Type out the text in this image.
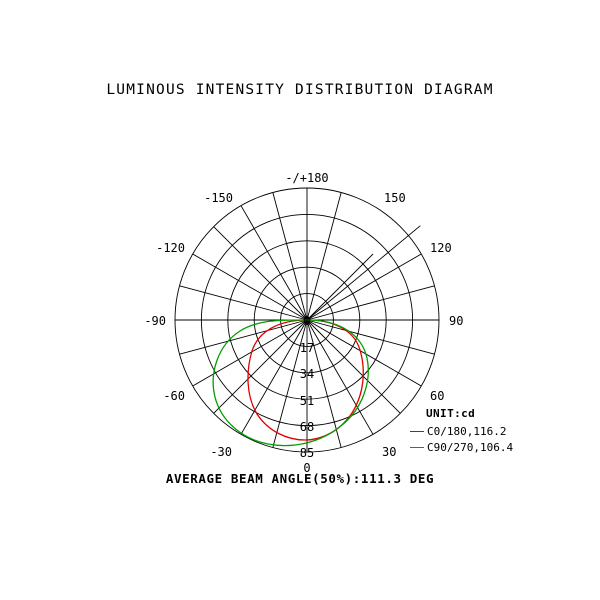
LUMINOUS INTENSITY DISTRIBUTION DIAGRAM
-/+180
150
120
90
60
30
0
-30
-60
-90
-120
-150
0
17
34
51
68
85
UNIT:cd
C0/180,116.2
C90/270,106.4
AVERAGE BEAM ANGLE(50%):111.3 DEG
